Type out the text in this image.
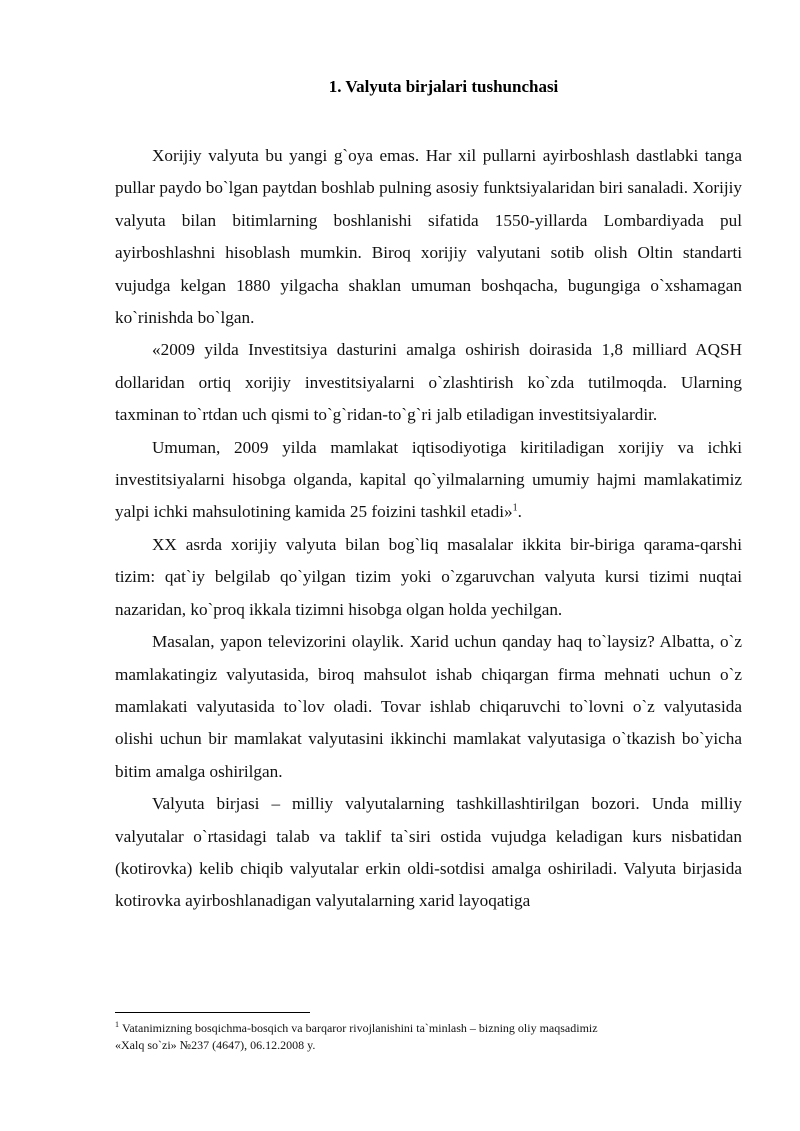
1. Valyuta birjalari tushunchasi

Xorijiy valyuta bu yangi g`oya emas. Har xil pullarni ayirboshlash dastlabki tanga pullar paydo bo`lgan paytdan boshlab pulning asosiy funktsiyalaridan biri sanaladi. Xorijiy valyuta bilan bitimlarning boshlanishi sifatida 1550-yillarda Lombardiyada pul ayirboshlashni hisoblash mumkin. Biroq xorijiy valyutani sotib olish Oltin standarti vujudga kelgan 1880 yilgacha shaklan umuman boshqacha, bugungiga o`xshamagan ko`rinishda bo`lgan.

«2009 yilda Investitsiya dasturini amalga oshirish doirasida 1,8 milliard AQSH dollaridan ortiq xorijiy investitsiyalarni o`zlashtirish ko`zda tutilmoqda. Ularning taxminan to`rtdan uch qismi to`g`ridan-to`g`ri jalb etiladigan investitsiyalardir.

Umuman, 2009 yilda mamlakat iqtisodiyotiga kiritiladigan xorijiy va ichki investitsiyalarni hisobga olganda, kapital qo`yilmalarning umumiy hajmi mamlakatimiz yalpi ichki mahsulotining kamida 25 foizini tashkil etadi»$^1$.

XX asrda xorijiy valyuta bilan bog`liq masalalar ikkita bir-biriga qarama-qarshi tizim: qat`iy belgilab qo`yilgan tizim yoki o`zgaruvchan valyuta kursi tizimi nuqtai nazaridan, ko`proq ikkala tizimni hisobga olgan holda yechilgan.

Masalan, yapon televizorini olaylik. Xarid uchun qanday haq to`laysiz? Albatta, o`z mamlakatingiz valyutasida, biroq mahsulot ishab chiqargan firma mehnati uchun o`z mamlakati valyutasida to`lov oladi. Tovar ishlab chiqaruvchi to`lovni o`z valyutasida olishi uchun bir mamlakat valyutasini ikkinchi mamlakat valyutasiga o`tkazish bo`yicha bitim amalga oshirilgan.

Valyuta birjasi – milliy valyutalarning tashkillashtirilgan bozori. Unda milliy valyutalar o`rtasidagi talab va taklif ta`siri ostida vujudga keladigan kurs nisbatidan (kotirovka) kelib chiqib valyutalar erkin oldi-sotdisi amalga oshiriladi. Valyuta birjasida kotirovka ayirboshlanadigan valyutalarning xarid layoqatiga

$^1$ Vatanimizning bosqichma-bosqich va barqaror rivojlanishini ta`minlash – bizning oliy maqsadimiz
«Xalq so`zi» №237 (4647), 06.12.2008 y.
